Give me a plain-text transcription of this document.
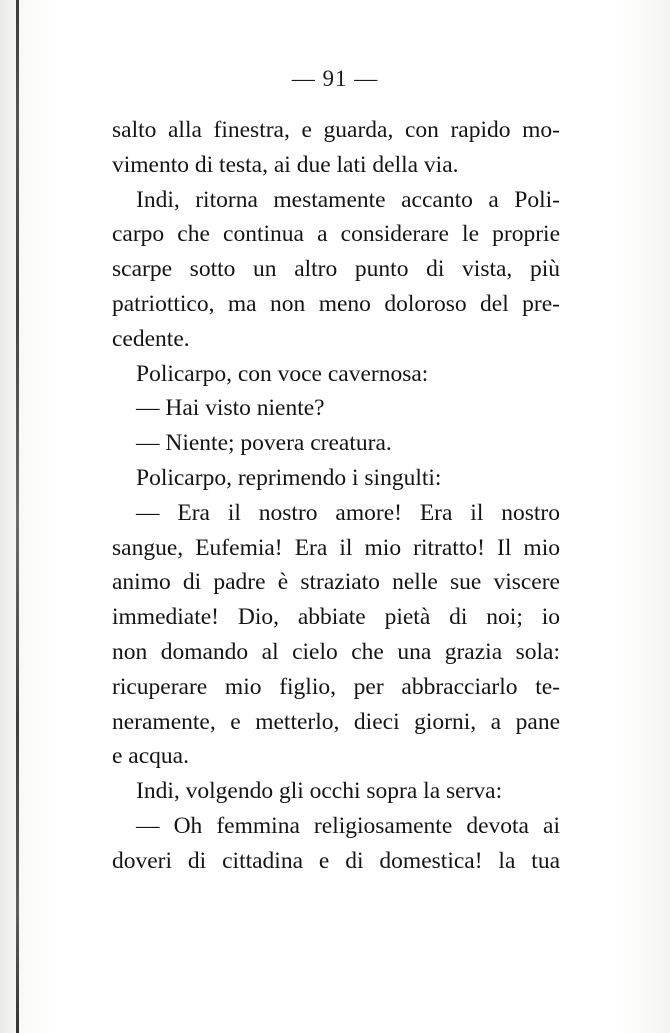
— 91 —
salto alla finestra, e guarda, con rapido mo-
vimento di testa, ai due lati della via.
Indi, ritorna mestamente accanto a Poli-
carpo che continua a considerare le proprie
scarpe sotto un altro punto di vista, più
patriottico, ma non meno doloroso del pre-
cedente.
Policarpo, con voce cavernosa:
— Hai visto niente?
— Niente; povera creatura.
Policarpo, reprimendo i singulti:
— Era il nostro amore! Era il nostro
sangue, Eufemia! Era il mio ritratto! Il mio
animo di padre è straziato nelle sue viscere
immediate! Dio, abbiate pietà di noi; io
non domando al cielo che una grazia sola:
ricuperare mio figlio, per abbracciarlo te-
neramente, e metterlo, dieci giorni, a pane
e acqua.
Indi, volgendo gli occhi sopra la serva:
— Oh femmina religiosamente devota ai
doveri di cittadina e di domestica! la tua
